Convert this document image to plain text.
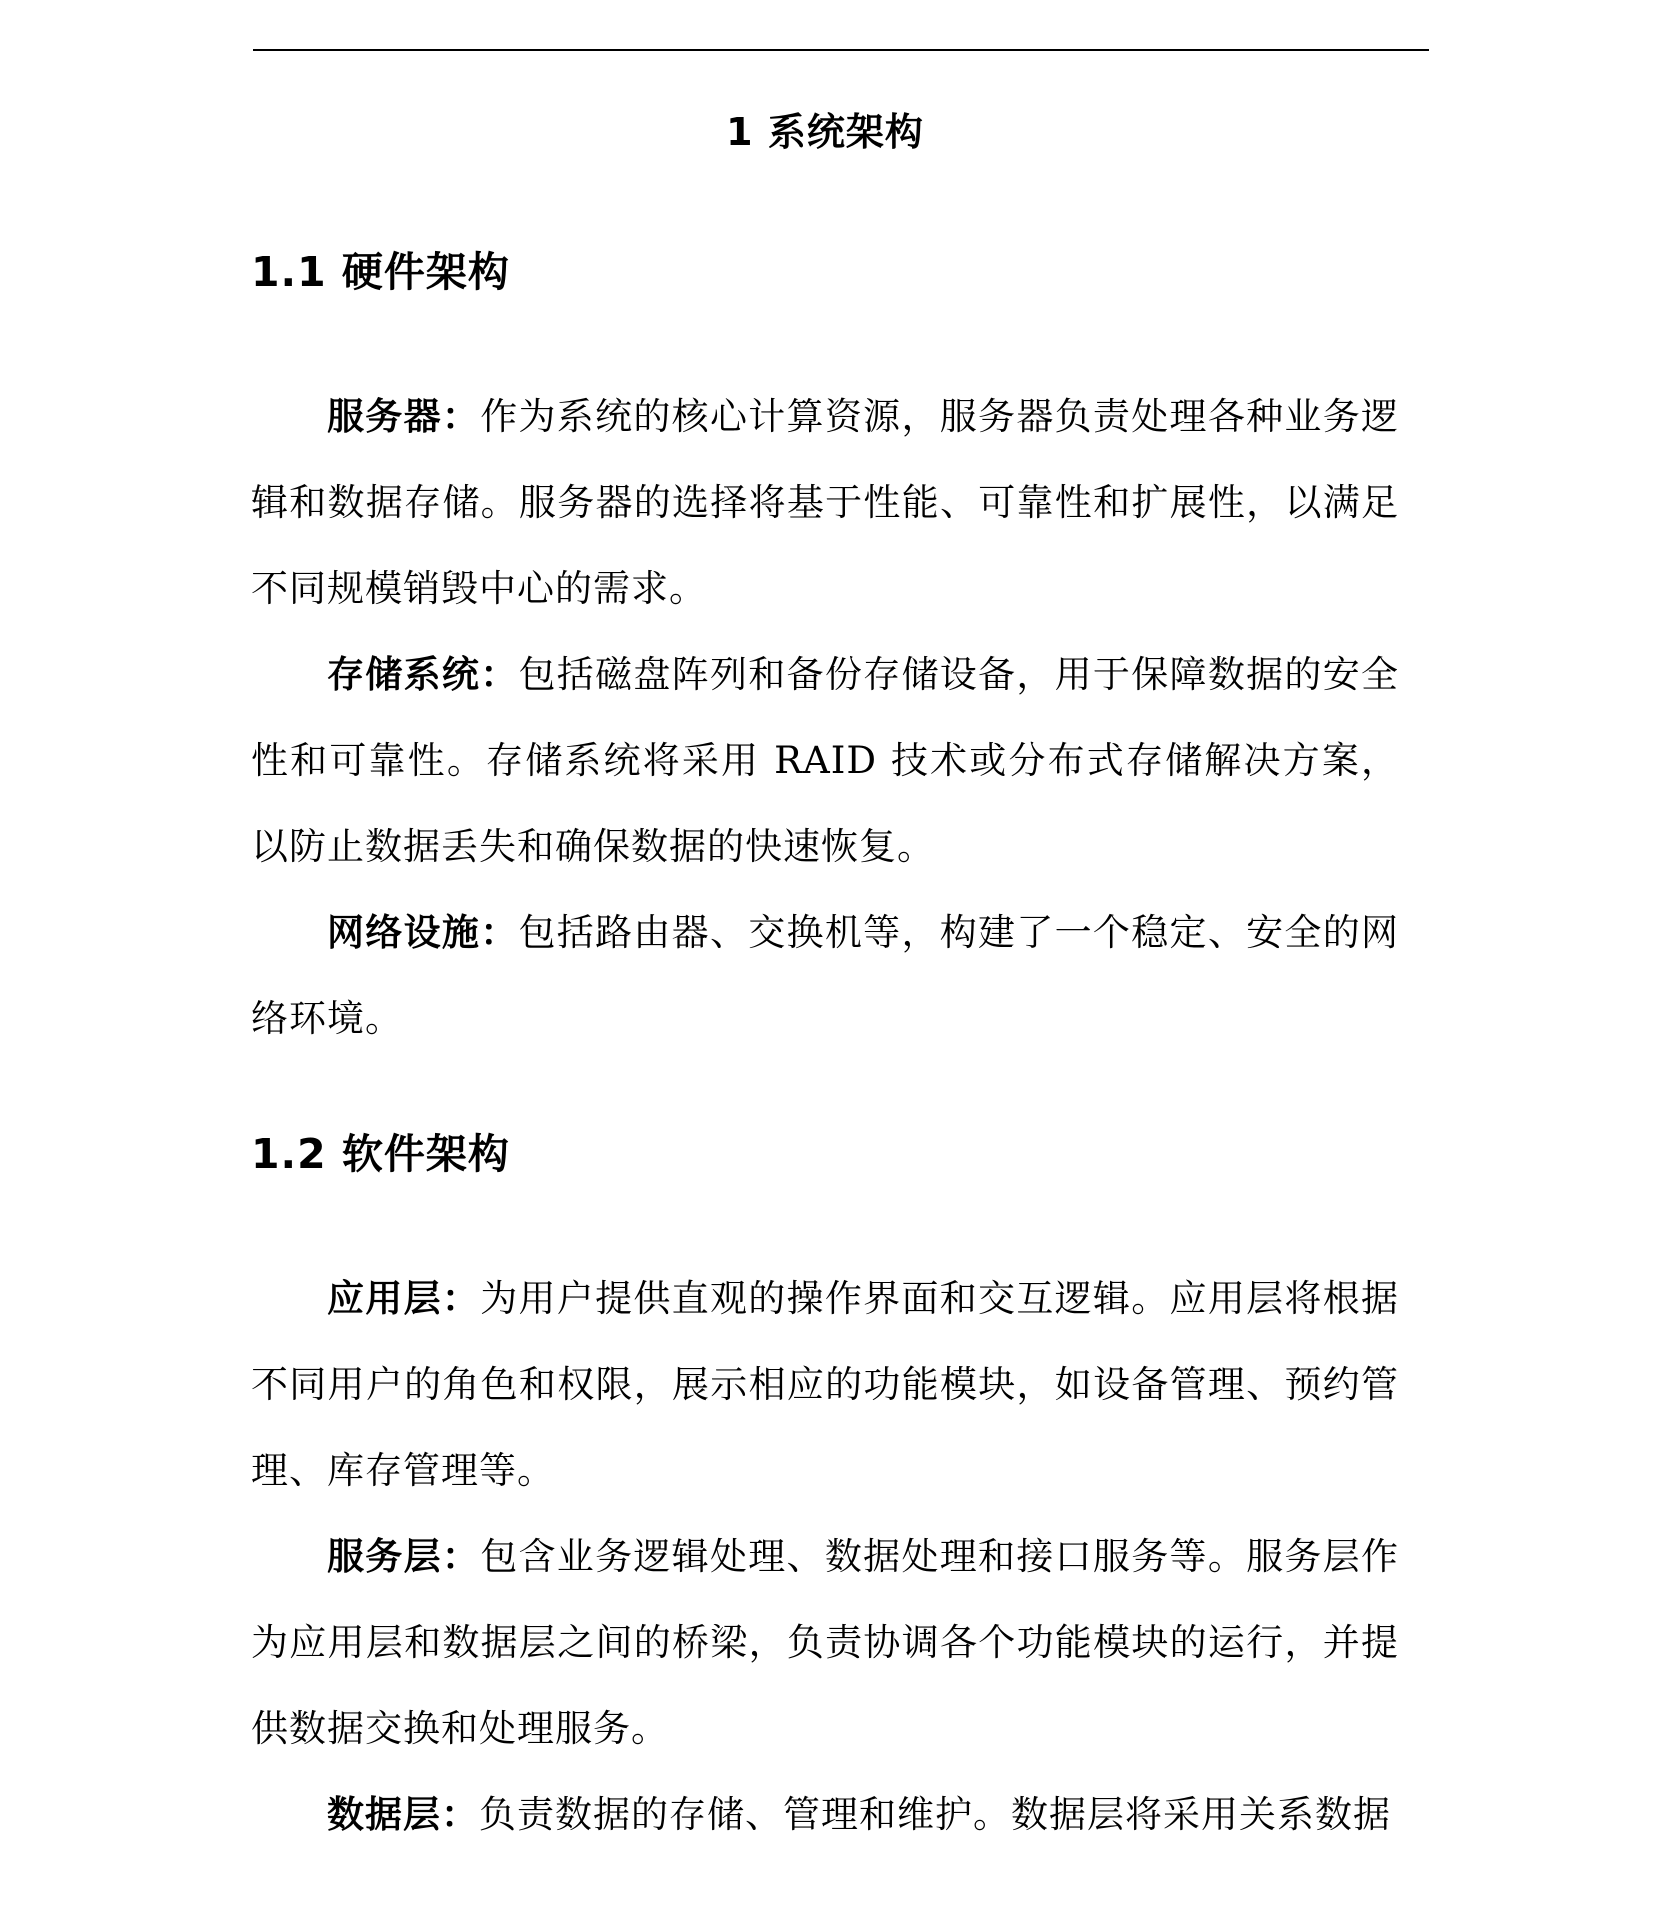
1 系统架构
1.1 硬件架构

服务器：作为系统的核心计算资源，服务器负责处理各种业务逻辑和数据存储。服务器的选择将基于性能、可靠性和扩展性，以满足不同规模销毁中心的需求。

存储系统：包括磁盘阵列和备份存储设备，用于保障数据的安全性和可靠性。存储系统将采用 RAID 技术或分布式存储解决方案，以防止数据丢失和确保数据的快速恢复。

网络设施：包括路由器、交换机等，构建了一个稳定、安全的网络环境。

1.2 软件架构

应用层：为用户提供直观的操作界面和交互逻辑。应用层将根据不同用户的角色和权限，展示相应的功能模块，如设备管理、预约管理、库存管理等。

服务层：包含业务逻辑处理、数据处理和接口服务等。服务层作为应用层和数据层之间的桥梁，负责协调各个功能模块的运行，并提供数据交换和处理服务。

数据层：负责数据的存储、管理和维护。数据层将采用关系数据
